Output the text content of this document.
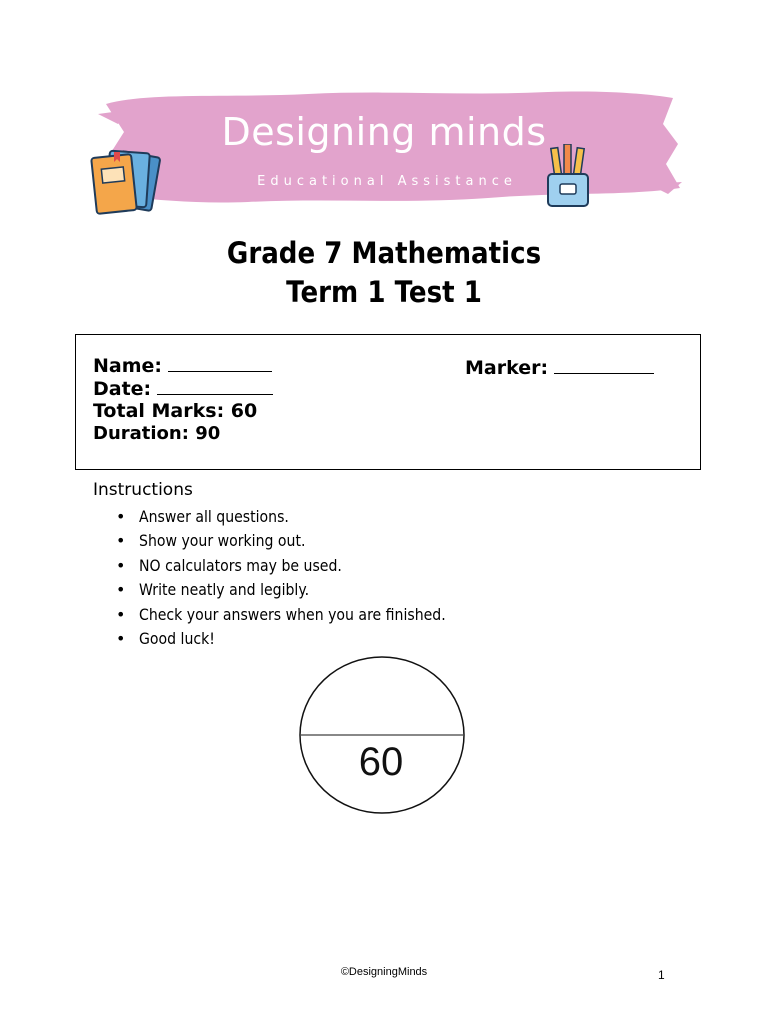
Designing minds
Educational Assistance
Grade 7 Mathematics
Term 1 Test 1
Name:
Date:
Total Marks: 60
Duration: 90
Marker:
Instructions
• Answer all questions.
• Show your working out.
• NO calculators may be used.
• Write neatly and legibly.
• Check your answers when you are finished.
• Good luck!
60
©DesigningMinds	1
